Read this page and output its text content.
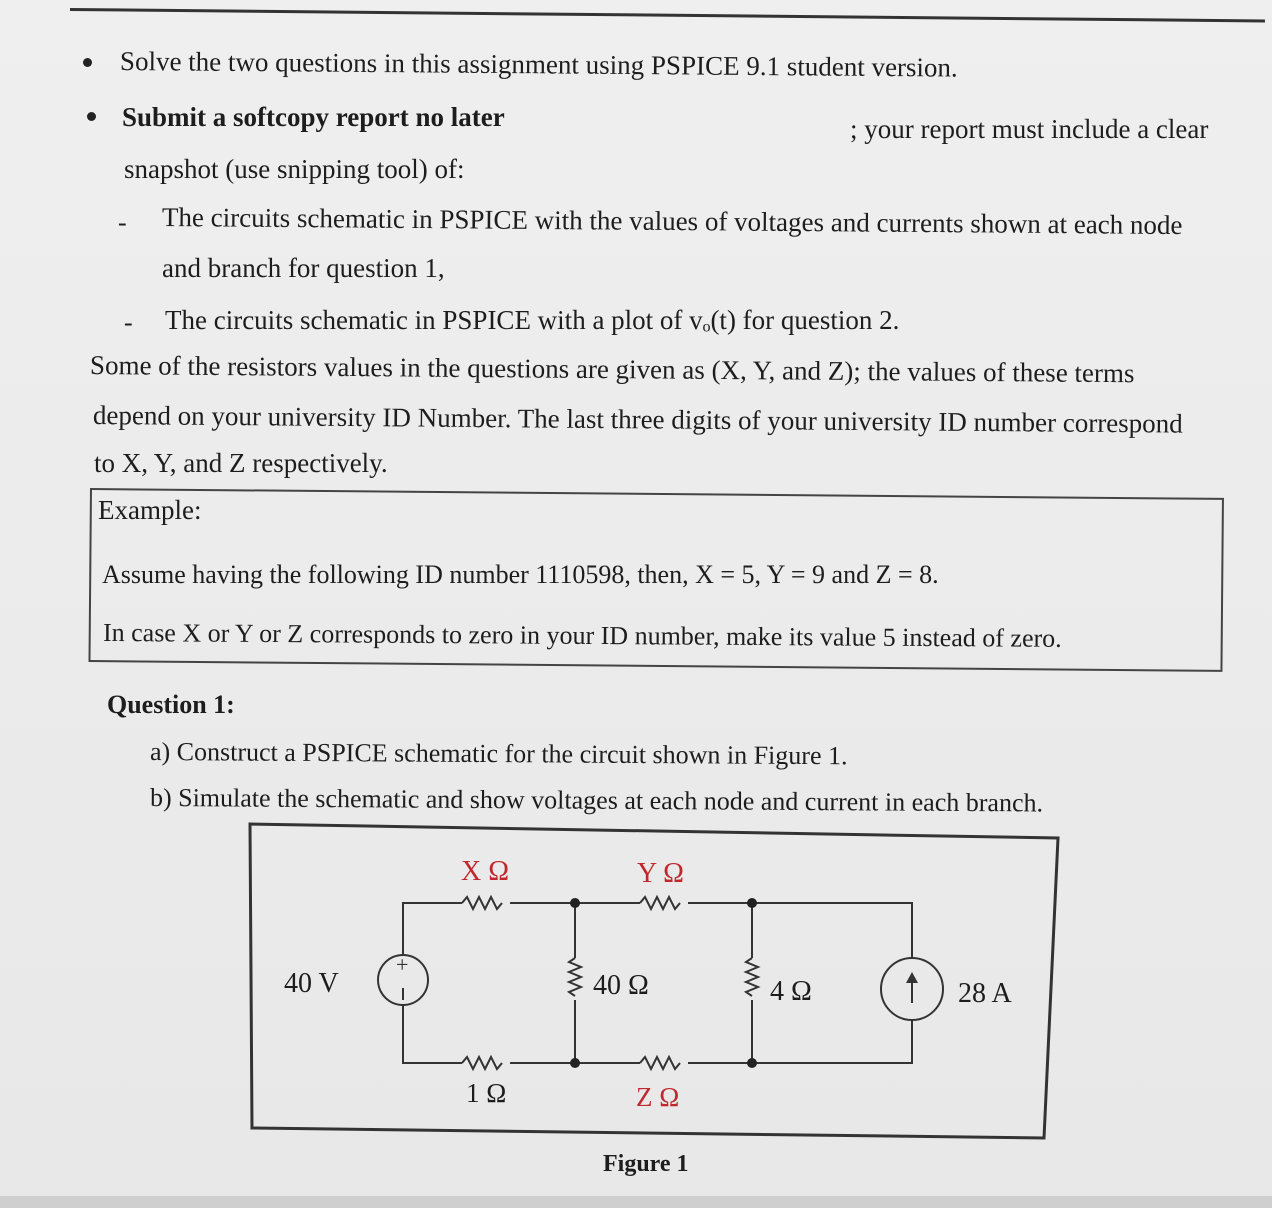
Solve the two questions in this assignment using PSPICE 9.1 student version.
Submit a softcopy report no later	; your report must include a clear
snapshot (use snipping tool) of:
- The circuits schematic in PSPICE with the values of voltages and currents shown at each node
and branch for question 1,
- The circuits schematic in PSPICE with a plot of vₒ(t) for question 2.
Some of the resistors values in the questions are given as (X, Y, and Z); the values of these terms
depend on your university ID Number. The last three digits of your university ID number correspond
to X, Y, and Z respectively.
Example:
Assume having the following ID number 1110598, then, X = 5, Y = 9 and Z = 8.
In case X or Y or Z corresponds to zero in your ID number, make its value 5 instead of zero.
Question 1:
a) Construct a PSPICE schematic for the circuit shown in Figure 1.
b) Simulate the schematic and show voltages at each node and current in each branch.
+
40 V
X Ω	Y Ω
1 Ω	Z Ω
40 Ω	4 Ω	28 A
Figure 1
